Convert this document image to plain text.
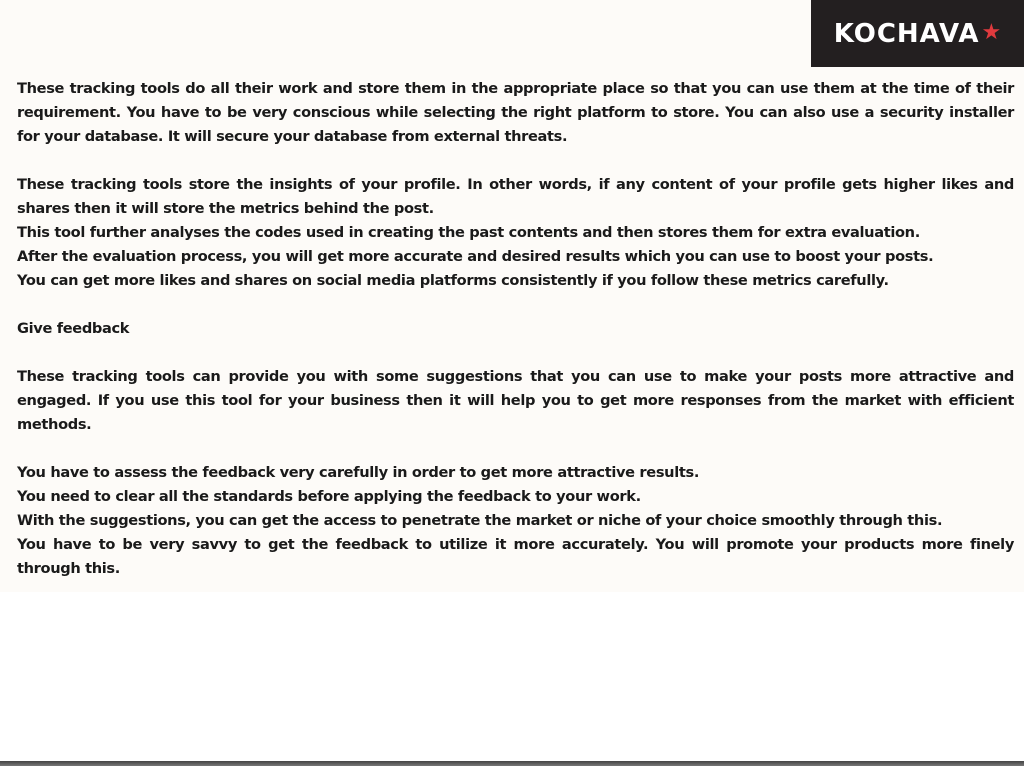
KOCHAVA ★

These tracking tools do all their work and store them in the appropriate place so that you can use them at the time of their requirement. You have to be very conscious while selecting the right platform to store. You can also use a security installer for your database. It will secure your database from external threats.

These tracking tools store the insights of your profile. In other words, if any content of your profile gets higher likes and shares then it will store the metrics behind the post.

This tool further analyses the codes used in creating the past contents and then stores them for extra evaluation.

After the evaluation process, you will get more accurate and desired results which you can use to boost your posts.

You can get more likes and shares on social media platforms consistently if you follow these metrics carefully.

Give feedback

These tracking tools can provide you with some suggestions that you can use to make your posts more attractive and engaged. If you use this tool for your business then it will help you to get more responses from the market with efficient methods.

You have to assess the feedback very carefully in order to get more attractive results.

You need to clear all the standards before applying the feedback to your work.

With the suggestions, you can get the access to penetrate the market or niche of your choice smoothly through this.

You have to be very savvy to get the feedback to utilize it more accurately. You will promote your products more finely through this.
